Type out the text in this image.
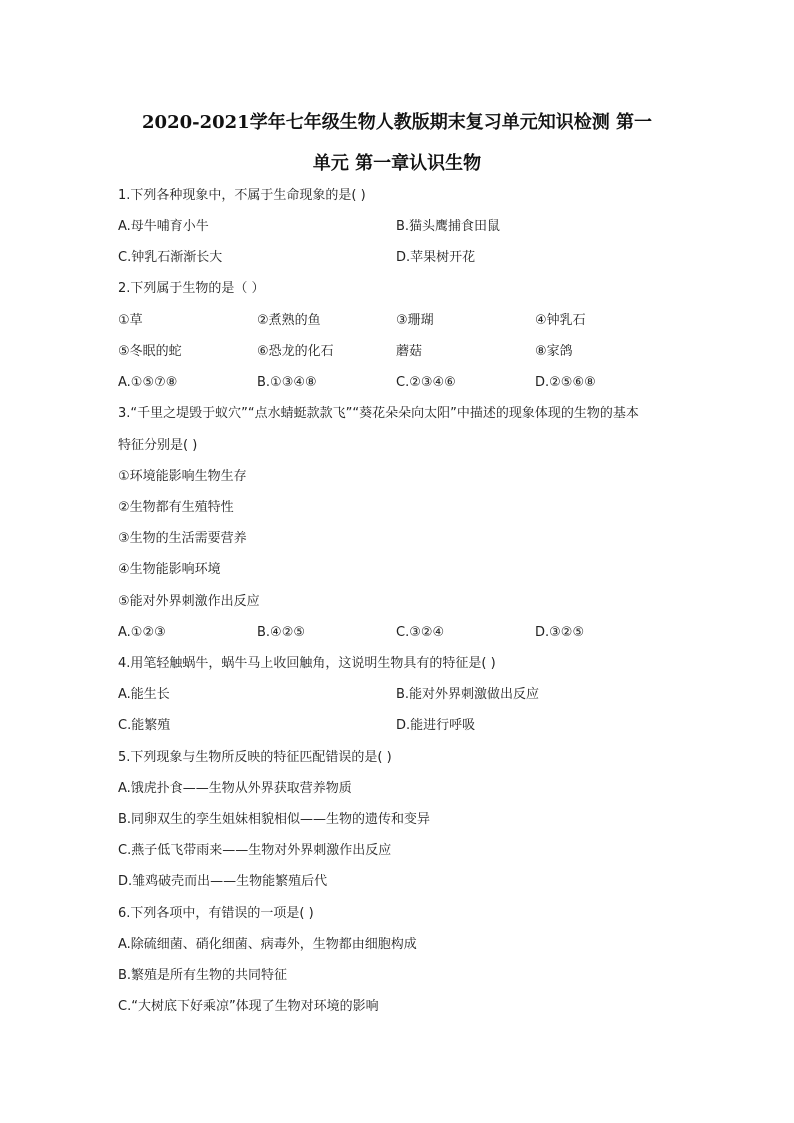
2020-2021学年七年级生物人教版期末复习单元知识检测 第一
单元 第一章认识生物
1.下列各种现象中，不属于生命现象的是( )
A.母牛哺育小牛	B.猫头鹰捕食田鼠
C.钟乳石渐渐长大	D.苹果树开花
2.下列属于生物的是（ ）
①草	②煮熟的鱼	③珊瑚	④钟乳石
⑤冬眠的蛇	⑥恐龙的化石	蘑菇	⑧家鸽
A.①⑤⑦⑧	B.①③④⑧	C.②③④⑥	D.②⑤⑥⑧
3.“千里之堤毁于蚁穴”“点水蜻蜓款款飞”“葵花朵朵向太阳”中描述的现象体现的生物的基本
特征分别是( )
①环境能影响生物生存
②生物都有生殖特性
③生物的生活需要营养
④生物能影响环境
⑤能对外界刺激作出反应
A.①②③	B.④②⑤	C.③②④	D.③②⑤
4.用笔轻触蜗牛，蜗牛马上收回触角，这说明生物具有的特征是( )
A.能生长	B.能对外界刺激做出反应
C.能繁殖	D.能进行呼吸
5.下列现象与生物所反映的特征匹配错误的是( )
A.饿虎扑食——生物从外界获取营养物质
B.同卵双生的孪生姐妹相貌相似——生物的遗传和变异
C.燕子低飞带雨来——生物对外界刺激作出反应
D.雏鸡破壳而出——生物能繁殖后代
6.下列各项中，有错误的一项是( )
A.除硫细菌、硝化细菌、病毒外，生物都由细胞构成
B.繁殖是所有生物的共同特征
C.“大树底下好乘凉”体现了生物对环境的影响
